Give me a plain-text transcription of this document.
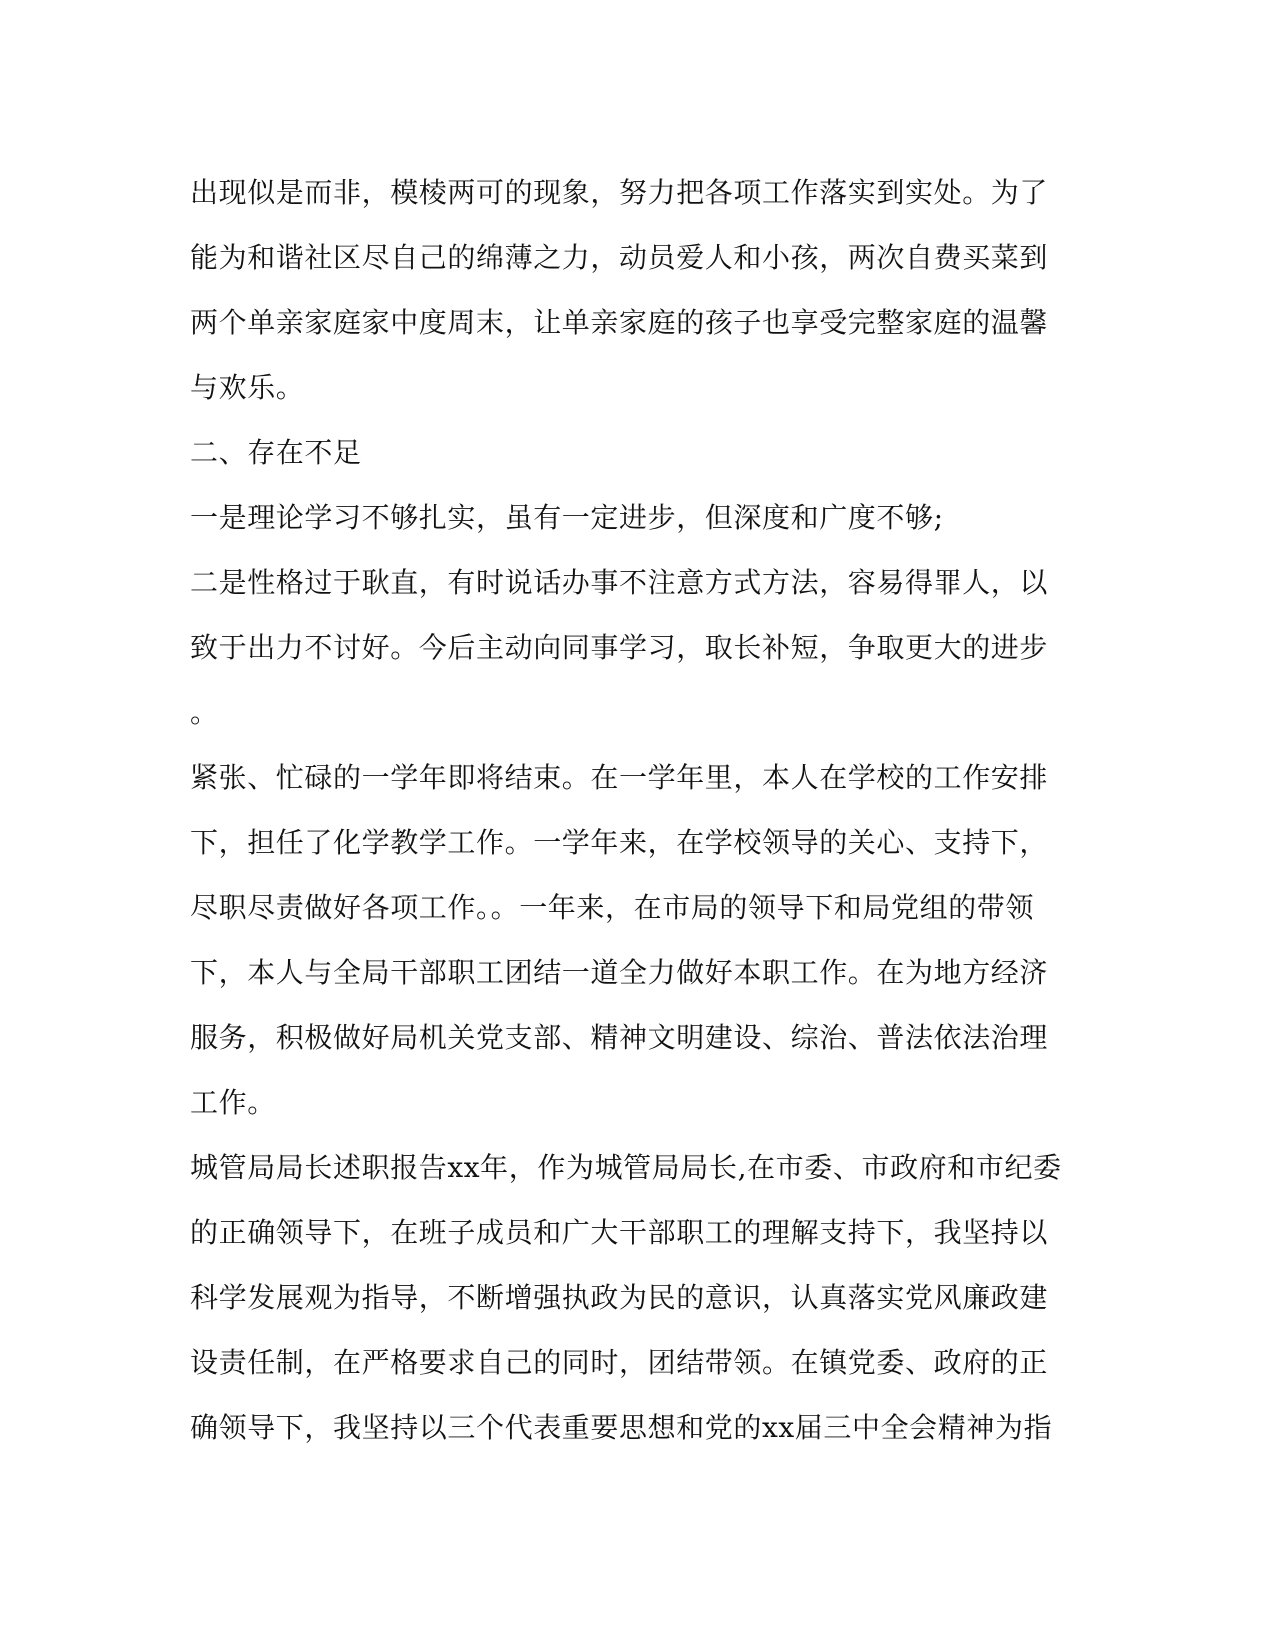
出现似是而非，模棱两可的现象，努力把各项工作落实到实处。为了
能为和谐社区尽自己的绵薄之力，动员爱人和小孩，两次自费买菜到
两个单亲家庭家中度周末，让单亲家庭的孩子也享受完整家庭的温馨
与欢乐。
二、存在不足
一是理论学习不够扎实，虽有一定进步，但深度和广度不够;
二是性格过于耿直，有时说话办事不注意方式方法，容易得罪人，以
致于出力不讨好。今后主动向同事学习，取长补短，争取更大的进步
。
紧张、忙碌的一学年即将结束。在一学年里，本人在学校的工作安排
下，担任了化学教学工作。一学年来，在学校领导的关心、支持下，
尽职尽责做好各项工作。。一年来，在市局的领导下和局党组的带领
下，本人与全局干部职工团结一道全力做好本职工作。在为地方经济
服务，积极做好局机关党支部、精神文明建设、综治、普法依法治理
工作。
城管局局长述职报告xx年，作为城管局局长,在市委、市政府和市纪委
的正确领导下，在班子成员和广大干部职工的理解支持下，我坚持以
科学发展观为指导，不断增强执政为民的意识，认真落实党风廉政建
设责任制，在严格要求自己的同时，团结带领。在镇党委、政府的正
确领导下，我坚持以三个代表重要思想和党的xx届三中全会精神为指
